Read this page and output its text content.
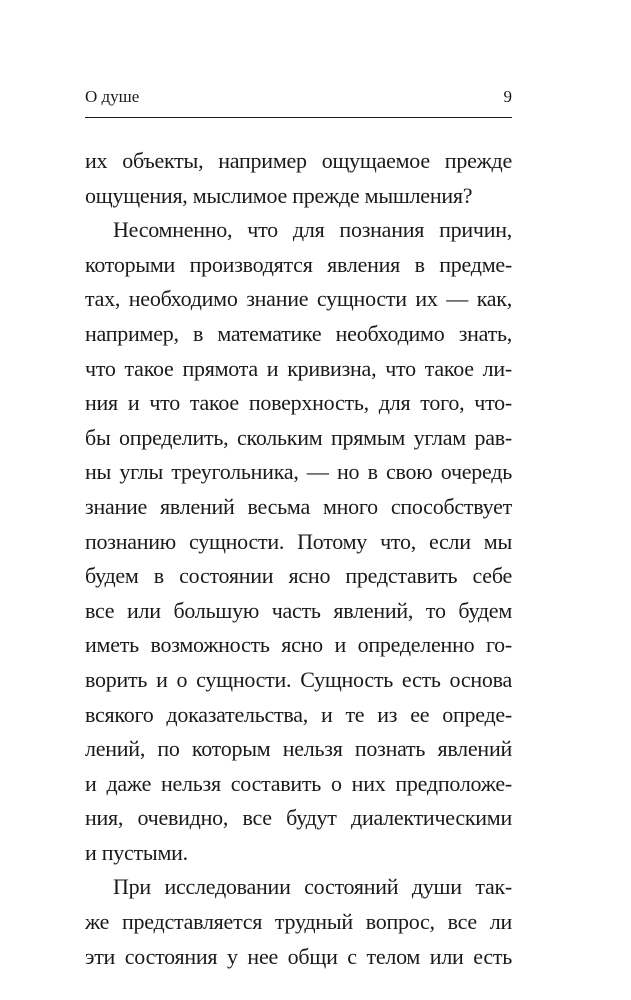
О душе	9
их объекты, например ощущаемое прежде
ощущения, мыслимое прежде мышления?
Несомненно, что для познания причин,
которыми производятся явления в предме-
тах, необходимо знание сущности их — как,
например, в математике необходимо знать,
что такое прямота и кривизна, что такое ли-
ния и что такое поверхность, для того, что-
бы определить, скольким прямым углам рав-
ны углы треугольника, — но в свою очередь
знание явлений весьма много способствует
познанию сущности. Потому что, если мы
будем в состоянии ясно представить себе
все или большую часть явлений, то будем
иметь возможность ясно и определенно го-
ворить и о сущности. Сущность есть основа
всякого доказательства, и те из ее опреде-
лений, по которым нельзя познать явлений
и даже нельзя составить о них предположе-
ния, очевидно, все будут диалектическими
и пустыми.
При исследовании состояний души так-
же представляется трудный вопрос, все ли
эти состояния у нее общи с телом или есть
